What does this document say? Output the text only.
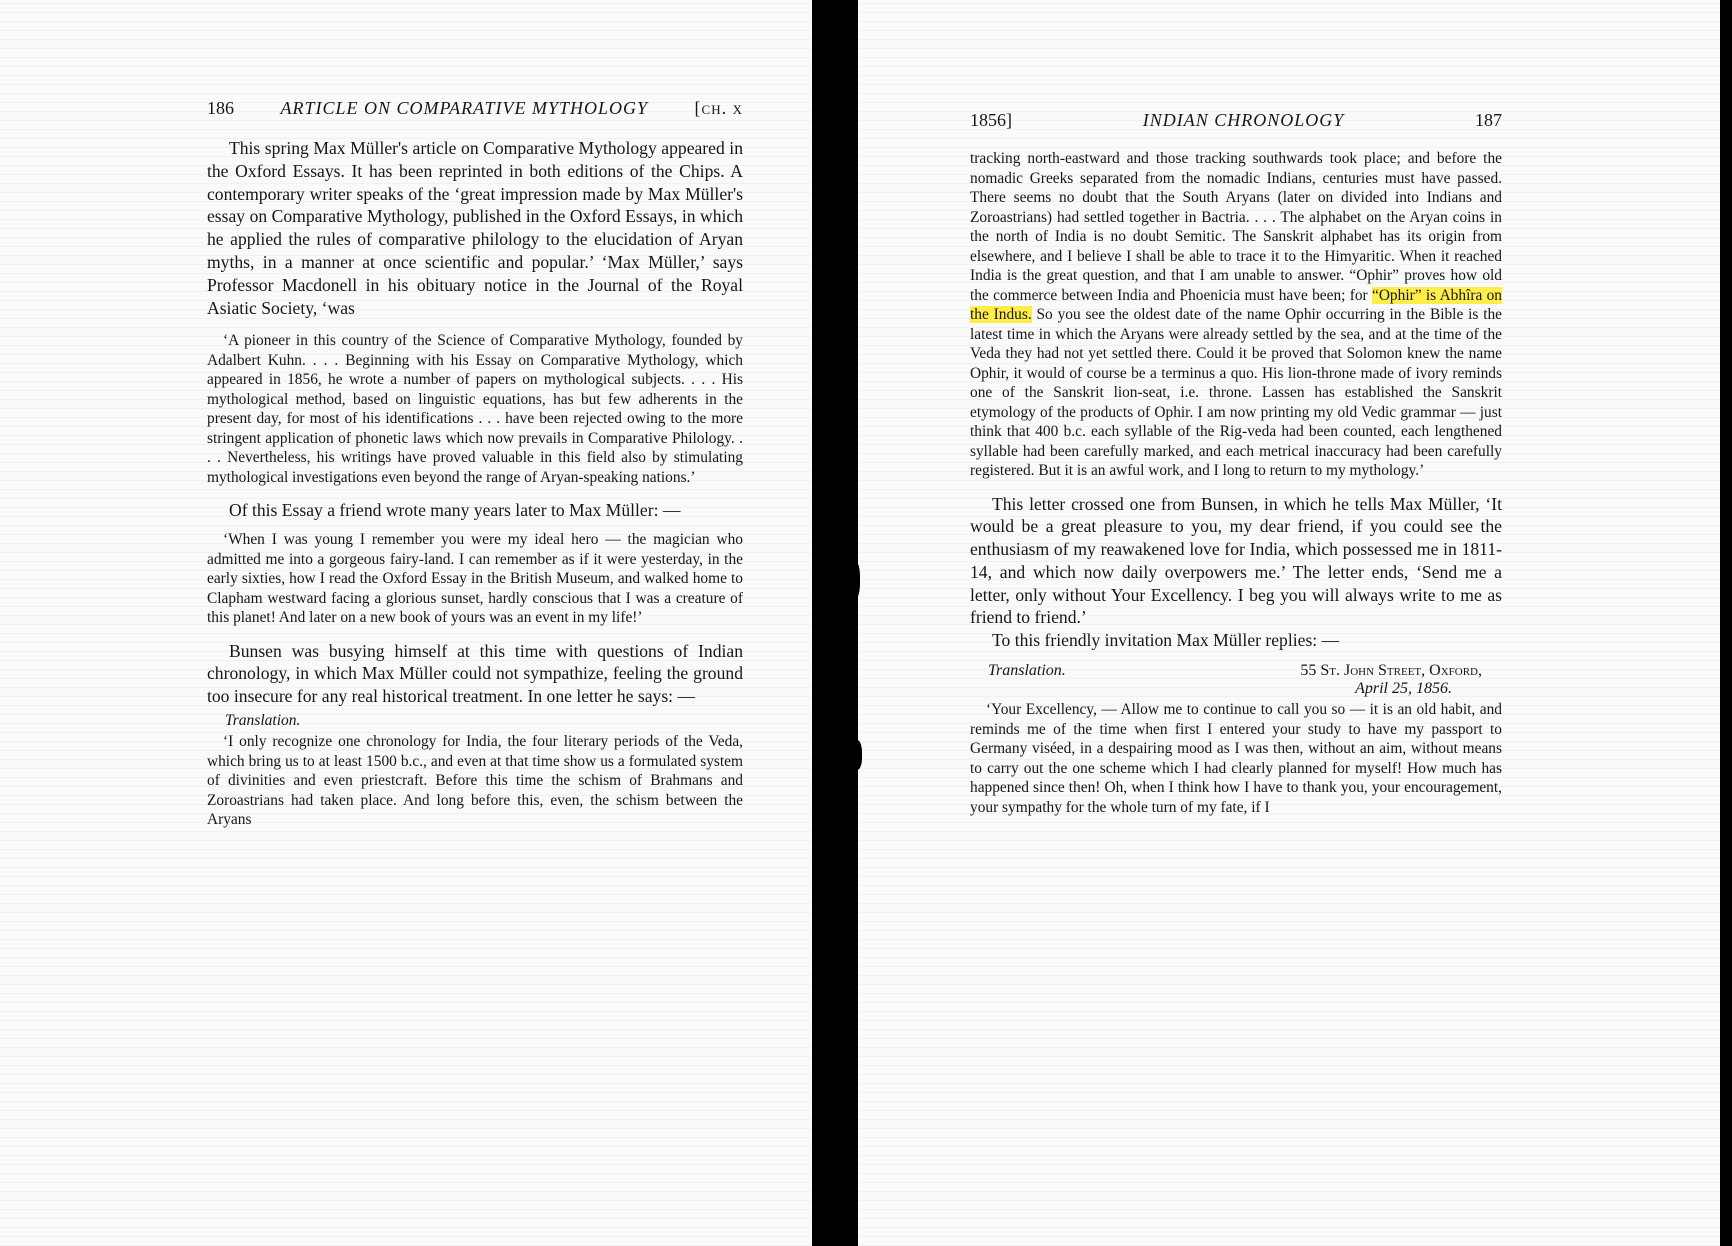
186	ARTICLE ON COMPARATIVE MYTHOLOGY	[ch. x

This spring Max Müller's article on Comparative Mythology appeared in the Oxford Essays. It has been reprinted in both editions of the Chips. A contemporary writer speaks of the ‘great impression made by Max Müller's essay on Comparative Mythology, published in the Oxford Essays, in which he applied the rules of comparative philology to the elucidation of Aryan myths, in a manner at once scientific and popular.’ ‘Max Müller,’ says Professor Macdonell in his obituary notice in the Journal of the Royal Asiatic Society, ‘was

‘A pioneer in this country of the Science of Comparative Mythology, founded by Adalbert Kuhn. . . . Beginning with his Essay on Comparative Mythology, which appeared in 1856, he wrote a number of papers on mythological subjects. . . . His mythological method, based on linguistic equations, has but few adherents in the present day, for most of his identifications . . . have been rejected owing to the more stringent application of phonetic laws which now prevails in Comparative Philology. . . . Nevertheless, his writings have proved valuable in this field also by stimulating mythological investigations even beyond the range of Aryan-speaking nations.’

Of this Essay a friend wrote many years later to Max Müller: —

‘When I was young I remember you were my ideal hero — the magician who admitted me into a gorgeous fairy-land. I can remember as if it were yesterday, in the early sixties, how I read the Oxford Essay in the British Museum, and walked home to Clapham westward facing a glorious sunset, hardly conscious that I was a creature of this planet! And later on a new book of yours was an event in my life!’

Bunsen was busying himself at this time with questions of Indian chronology, in which Max Müller could not sympathize, feeling the ground too insecure for any real historical treatment. In one letter he says: —

Translation.

‘I only recognize one chronology for India, the four literary periods of the Veda, which bring us to at least 1500 b.c., and even at that time show us a formulated system of divinities and even priestcraft. Before this time the schism of Brahmans and Zoroastrians had taken place. And long before this, even, the schism between the Aryans

1856]	INDIAN CHRONOLOGY	187

tracking north-eastward and those tracking southwards took place; and before the nomadic Greeks separated from the nomadic Indians, centuries must have passed. There seems no doubt that the South Aryans (later on divided into Indians and Zoroastrians) had settled together in Bactria. . . . The alphabet on the Aryan coins in the north of India is no doubt Semitic. The Sanskrit alphabet has its origin from elsewhere, and I believe I shall be able to trace it to the Himyaritic. When it reached India is the great question, and that I am unable to answer. “Ophir” proves how old the commerce between India and Phoenicia must have been; for “Ophir” is Abhîra on the Indus. So you see the oldest date of the name Ophir occurring in the Bible is the latest time in which the Aryans were already settled by the sea, and at the time of the Veda they had not yet settled there. Could it be proved that Solomon knew the name Ophir, it would of course be a terminus a quo. His lion-throne made of ivory reminds one of the Sanskrit lion-seat, i.e. throne. Lassen has established the Sanskrit etymology of the products of Ophir. I am now printing my old Vedic grammar — just think that 400 b.c. each syllable of the Rig-veda had been counted, each lengthened syllable had been carefully marked, and each metrical inaccuracy had been carefully registered. But it is an awful work, and I long to return to my mythology.’

This letter crossed one from Bunsen, in which he tells Max Müller, ‘It would be a great pleasure to you, my dear friend, if you could see the enthusiasm of my reawakened love for India, which possessed me in 1811-14, and which now daily overpowers me.’ The letter ends, ‘Send me a letter, only without Your Excellency. I beg you will always write to me as friend to friend.’

To this friendly invitation Max Müller replies: —

Translation.	55 St. John Street, Oxford,
April 25, 1856.

‘Your Excellency, — Allow me to continue to call you so — it is an old habit, and reminds me of the time when first I entered your study to have my passport to Germany viséed, in a despairing mood as I was then, without an aim, without means to carry out the one scheme which I had clearly planned for myself! How much has happened since then! Oh, when I think how I have to thank you, your encouragement, your sympathy for the whole turn of my fate, if I
